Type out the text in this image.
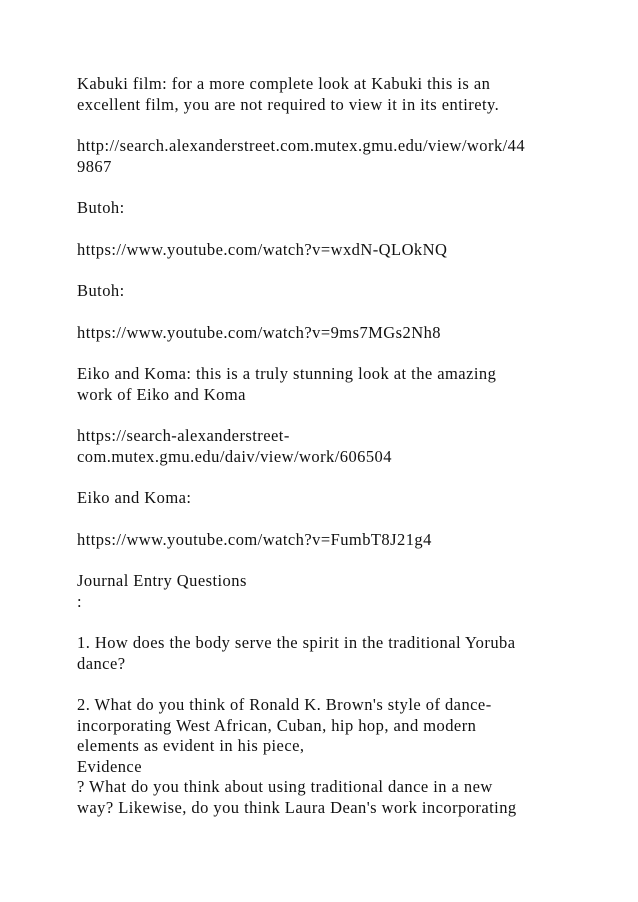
Kabuki film: for a more complete look at Kabuki this is an
excellent film, you are not required to view it in its entirety.

http://search.alexanderstreet.com.mutex.gmu.edu/view/work/44
9867

Butoh:

https://www.youtube.com/watch?v=wxdN-QLOkNQ

Butoh:

https://www.youtube.com/watch?v=9ms7MGs2Nh8

Eiko and Koma: this is a truly stunning look at the amazing
work of Eiko and Koma

https://search-alexanderstreet-
com.mutex.gmu.edu/daiv/view/work/606504

Eiko and Koma:

https://www.youtube.com/watch?v=FumbT8J21g4

Journal Entry Questions
:

1. How does the body serve the spirit in the traditional Yoruba
dance?

2. What do you think of Ronald K. Brown's style of dance-
incorporating West African, Cuban, hip hop, and modern
elements as evident in his piece,
Evidence
? What do you think about using traditional dance in a new
way? Likewise, do you think Laura Dean's work incorporating
